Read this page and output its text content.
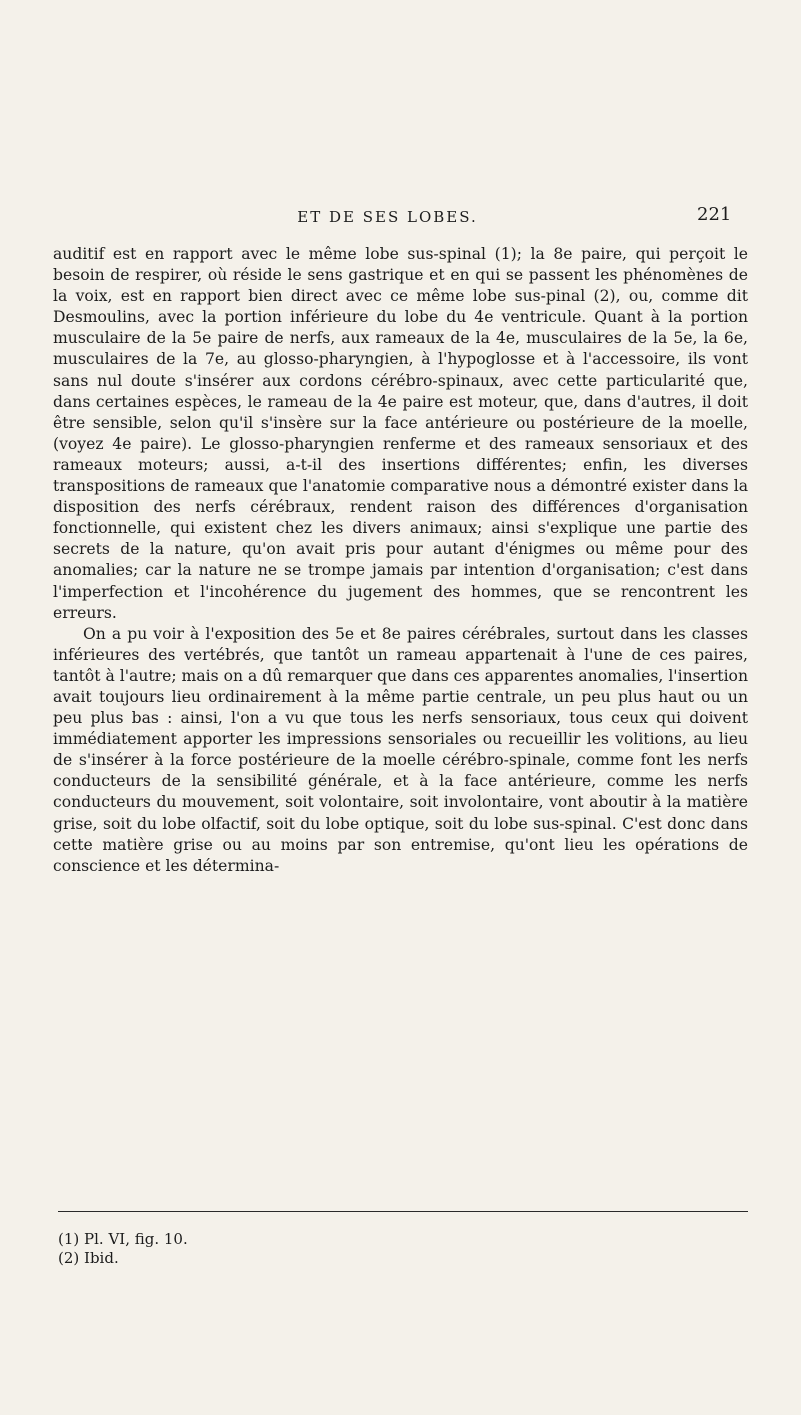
ET DE SES LOBES.	221

auditif est en rapport avec le même lobe sus-spinal (1); la 8e paire, qui perçoit le besoin de respirer, où réside le sens gastrique et en qui se passent les phénomènes de la voix, est en rapport bien direct avec ce même lobe sus-pinal (2), ou, comme dit Desmoulins, avec la portion inférieure du lobe du 4e ventricule. Quant à la portion musculaire de la 5e paire de nerfs, aux rameaux de la 4e, musculaires de la 5e, la 6e, musculaires de la 7e, au glosso-pharyngien, à l'hypoglosse et à l'accessoire, ils vont sans nul doute s'insérer aux cordons cérébro-spinaux, avec cette particularité que, dans certaines espèces, le rameau de la 4e paire est moteur, que, dans d'autres, il doit être sensible, selon qu'il s'insère sur la face antérieure ou postérieure de la moelle, (voyez 4e paire). Le glosso-pharyngien renferme et des rameaux sensoriaux et des rameaux moteurs; aussi, a-t-il des insertions différentes; enfin, les diverses transpositions de rameaux que l'anatomie comparative nous a démontré exister dans la disposition des nerfs cérébraux, rendent raison des différences d'organisation fonctionnelle, qui existent chez les divers animaux; ainsi s'explique une partie des secrets de la nature, qu'on avait pris pour autant d'énigmes ou même pour des anomalies; car la nature ne se trompe jamais par intention d'organisation; c'est dans l'imperfection et l'incohérence du jugement des hommes, que se rencontrent les erreurs.

On a pu voir à l'exposition des 5e et 8e paires cérébrales, surtout dans les classes inférieures des vertébrés, que tantôt un rameau appartenait à l'une de ces paires, tantôt à l'autre; mais on a dû remarquer que dans ces apparentes anomalies, l'insertion avait toujours lieu ordinairement à la même partie centrale, un peu plus haut ou un peu plus bas : ainsi, l'on a vu que tous les nerfs sensoriaux, tous ceux qui doivent immédiatement apporter les impressions sensoriales ou recueillir les volitions, au lieu de s'insérer à la force postérieure de la moelle cérébro-spinale, comme font les nerfs conducteurs de la sensibilité générale, et à la face antérieure, comme les nerfs conducteurs du mouvement, soit volontaire, soit involontaire, vont aboutir à la matière grise, soit du lobe olfactif, soit du lobe optique, soit du lobe sus-spinal. C'est donc dans cette matière grise ou au moins par son entremise, qu'ont lieu les opérations de conscience et les détermina-

(1) Pl. VI, fig. 10.

(2) Ibid.
